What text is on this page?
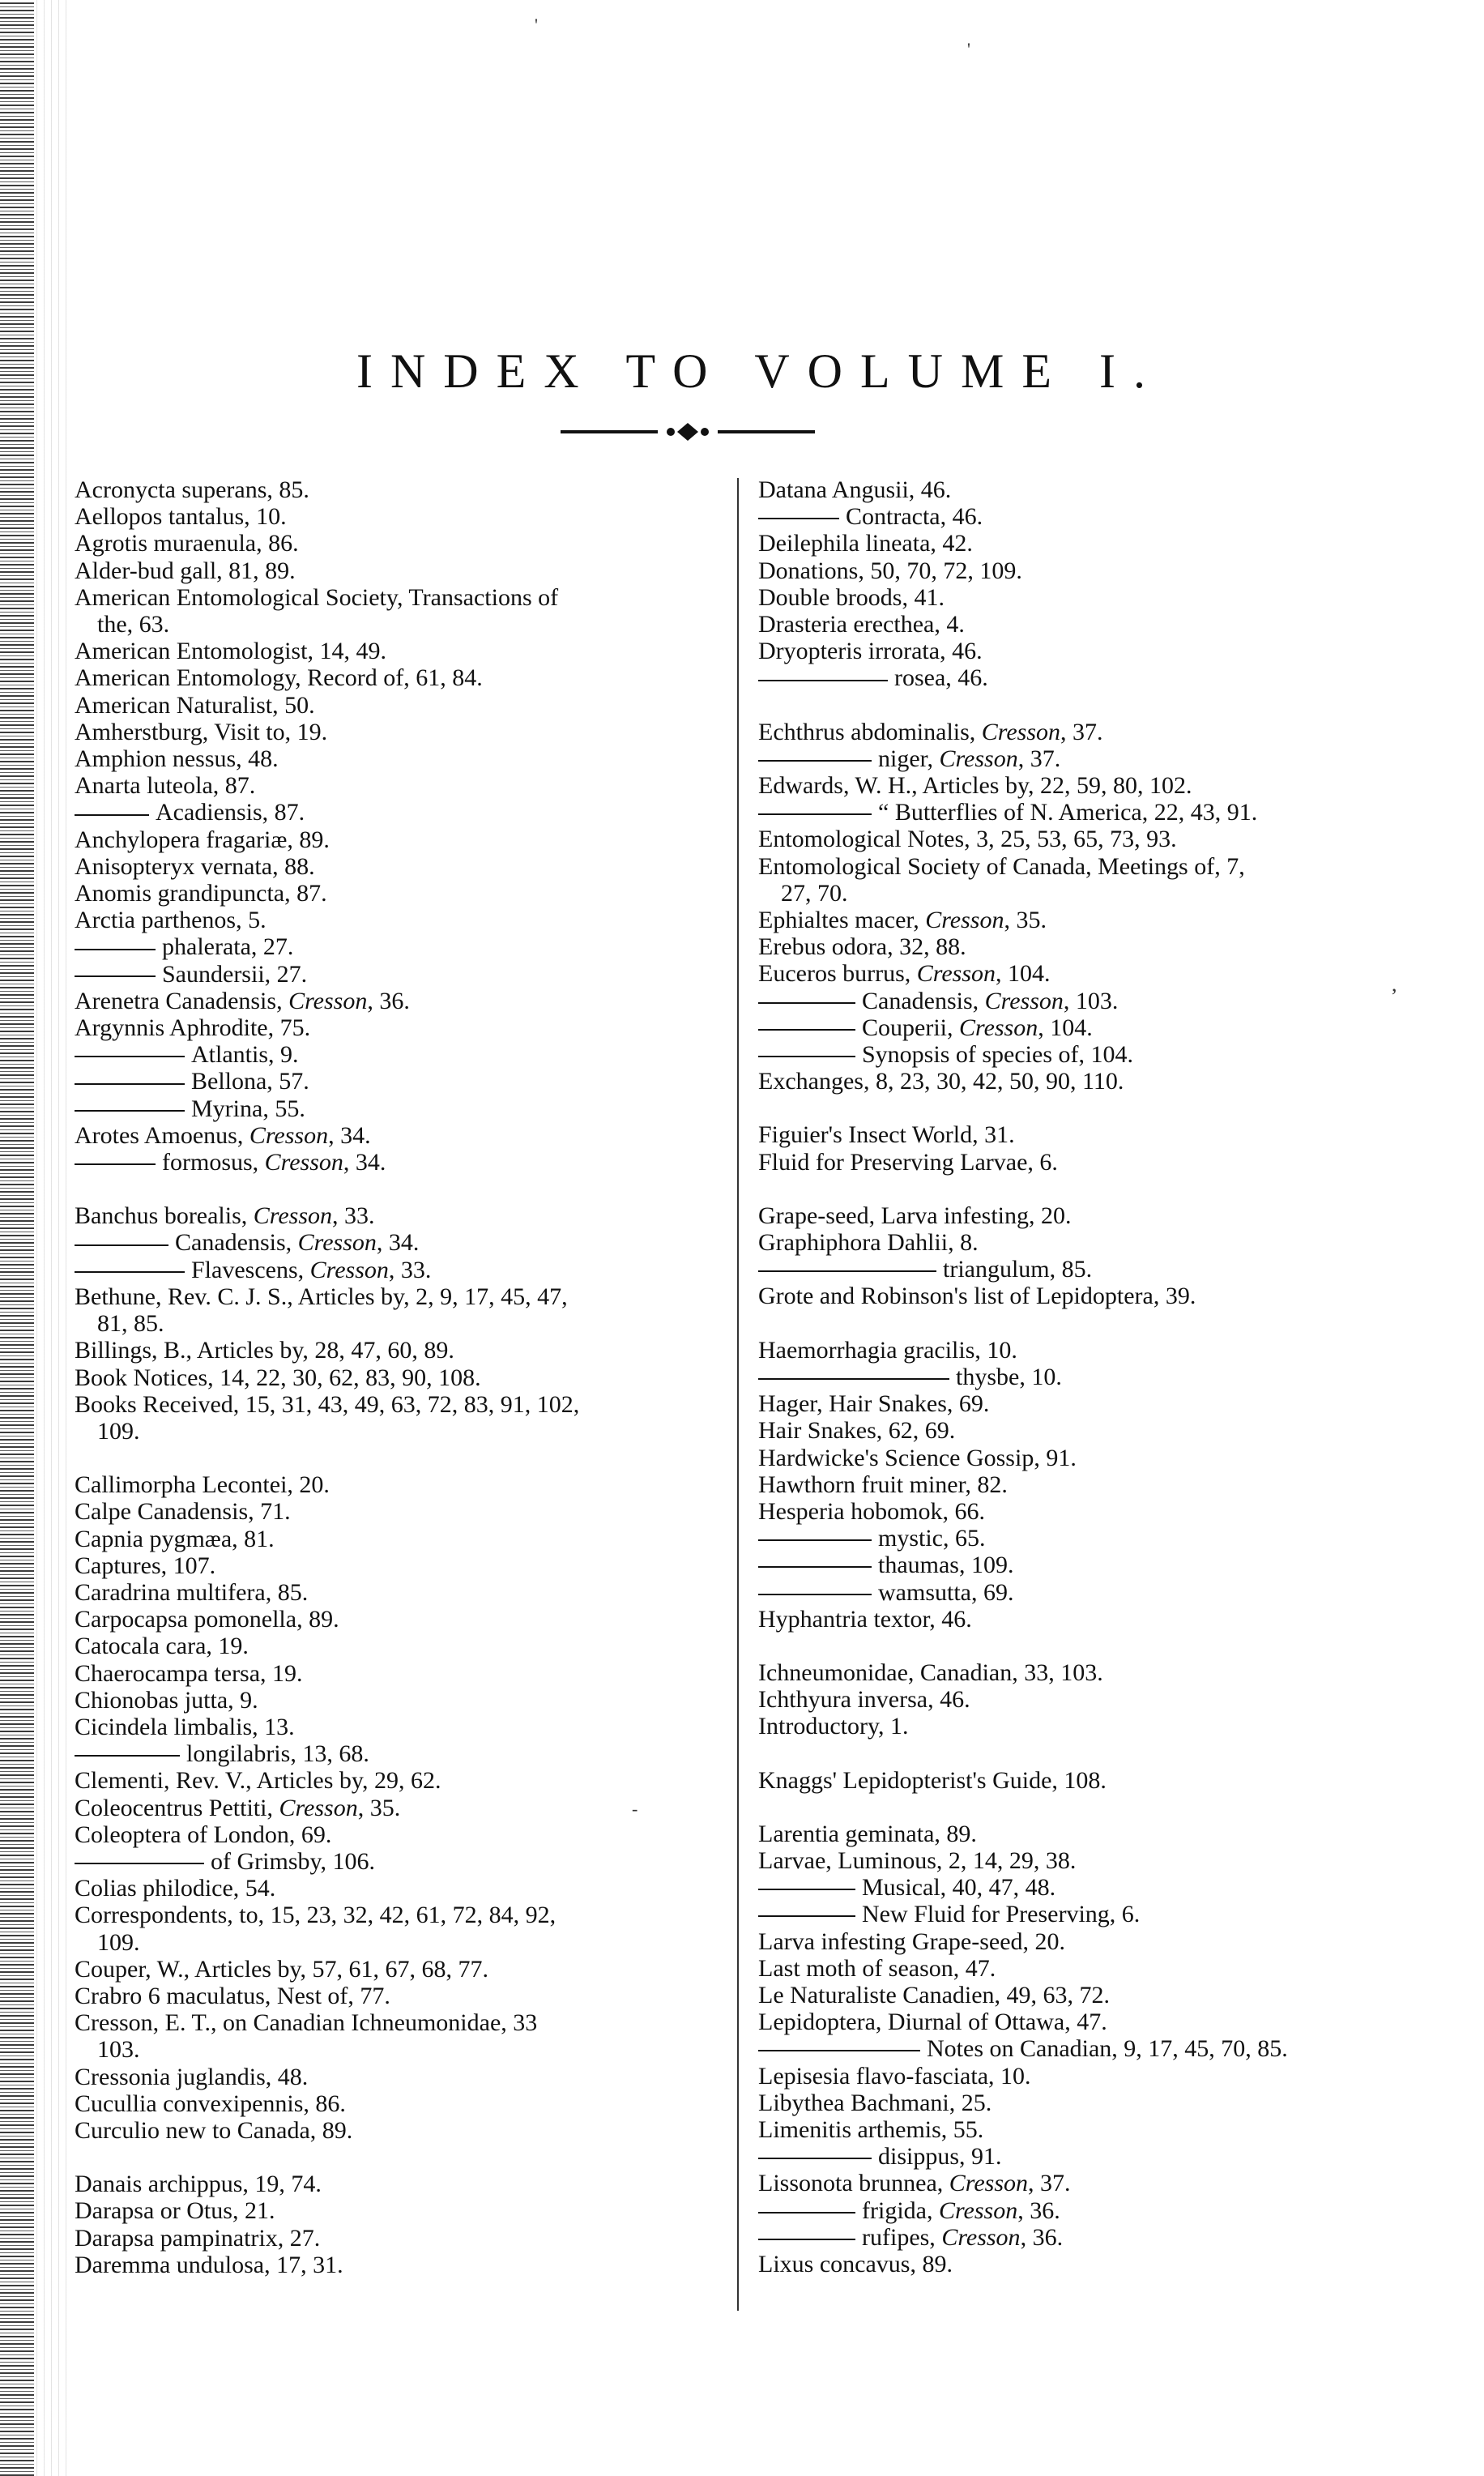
INDEX TO VOLUME I.
Acronycta superans, 85.
Aellopos tantalus, 10.
Agrotis muraenula, 86.
Alder-bud gall, 81, 89.
American Entomological Society, Transactions of
the, 63.
American Entomologist, 14, 49.
American Entomology, Record of, 61, 84.
American Naturalist, 50.
Amherstburg, Visit to, 19.
Amphion nessus, 48.
Anarta luteola, 87.
Acadiensis, 87.
Anchylopera fragariæ, 89.
Anisopteryx vernata, 88.
Anomis grandipuncta, 87.
Arctia parthenos, 5.
phalerata, 27.
Saundersii, 27.
Arenetra Canadensis, Cresson, 36.
Argynnis Aphrodite, 75.
Atlantis, 9.
Bellona, 57.
Myrina, 55.
Arotes Amoenus, Cresson, 34.
formosus, Cresson, 34.
Banchus borealis, Cresson, 33.
Canadensis, Cresson, 34.
Flavescens, Cresson, 33.
Bethune, Rev. C. J. S., Articles by, 2, 9, 17, 45, 47,
81, 85.
Billings, B., Articles by, 28, 47, 60, 89.
Book Notices, 14, 22, 30, 62, 83, 90, 108.
Books Received, 15, 31, 43, 49, 63, 72, 83, 91, 102,
109.
Callimorpha Lecontei, 20.
Calpe Canadensis, 71.
Capnia pygmæa, 81.
Captures, 107.
Caradrina multifera, 85.
Carpocapsa pomonella, 89.
Catocala cara, 19.
Chaerocampa tersa, 19.
Chionobas jutta, 9.
Cicindela limbalis, 13.
longilabris, 13, 68.
Clementi, Rev. V., Articles by, 29, 62.
Coleocentrus Pettiti, Cresson, 35.
Coleoptera of London, 69.
of Grimsby, 106.
Colias philodice, 54.
Correspondents, to, 15, 23, 32, 42, 61, 72, 84, 92,
109.
Couper, W., Articles by, 57, 61, 67, 68, 77.
Crabro 6 maculatus, Nest of, 77.
Cresson, E. T., on Canadian Ichneumonidae, 33
103.
Cressonia juglandis, 48.
Cucullia convexipennis, 86.
Curculio new to Canada, 89.
Danais archippus, 19, 74.
Darapsa or Otus, 21.
Darapsa pampinatrix, 27.
Daremma undulosa, 17, 31.
Datana Angusii, 46.
Contracta, 46.
Deilephila lineata, 42.
Donations, 50, 70, 72, 109.
Double broods, 41.
Drasteria erecthea, 4.
Dryopteris irrorata, 46.
rosea, 46.
Echthrus abdominalis, Cresson, 37.
niger, Cresson, 37.
Edwards, W. H., Articles by, 22, 59, 80, 102.
“ Butterflies of N. America, 22, 43, 91.
Entomological Notes, 3, 25, 53, 65, 73, 93.
Entomological Society of Canada, Meetings of, 7,
27, 70.
Ephialtes macer, Cresson, 35.
Erebus odora, 32, 88.
Euceros burrus, Cresson, 104.
Canadensis, Cresson, 103.
Couperii, Cresson, 104.
Synopsis of species of, 104.
Exchanges, 8, 23, 30, 42, 50, 90, 110.
Figuier's Insect World, 31.
Fluid for Preserving Larvae, 6.
Grape-seed, Larva infesting, 20.
Graphiphora Dahlii, 8.
triangulum, 85.
Grote and Robinson's list of Lepidoptera, 39.
Haemorrhagia gracilis, 10.
thysbe, 10.
Hager, Hair Snakes, 69.
Hair Snakes, 62, 69.
Hardwicke's Science Gossip, 91.
Hawthorn fruit miner, 82.
Hesperia hobomok, 66.
mystic, 65.
thaumas, 109.
wamsutta, 69.
Hyphantria textor, 46.
Ichneumonidae, Canadian, 33, 103.
Ichthyura inversa, 46.
Introductory, 1.
Knaggs' Lepidopterist's Guide, 108.
Larentia geminata, 89.
Larvae, Luminous, 2, 14, 29, 38.
Musical, 40, 47, 48.
New Fluid for Preserving, 6.
Larva infesting Grape-seed, 20.
Last moth of season, 47.
Le Naturaliste Canadien, 49, 63, 72.
Lepidoptera, Diurnal of Ottawa, 47.
Notes on Canadian, 9, 17, 45, 70, 85.
Lepisesia flavo-fasciata, 10.
Libythea Bachmani, 25.
Limenitis arthemis, 55.
disippus, 91.
Lissonota brunnea, Cresson, 37.
frigida, Cresson, 36.
rufipes, Cresson, 36.
Lixus concavus, 89.
'
'
,
-
